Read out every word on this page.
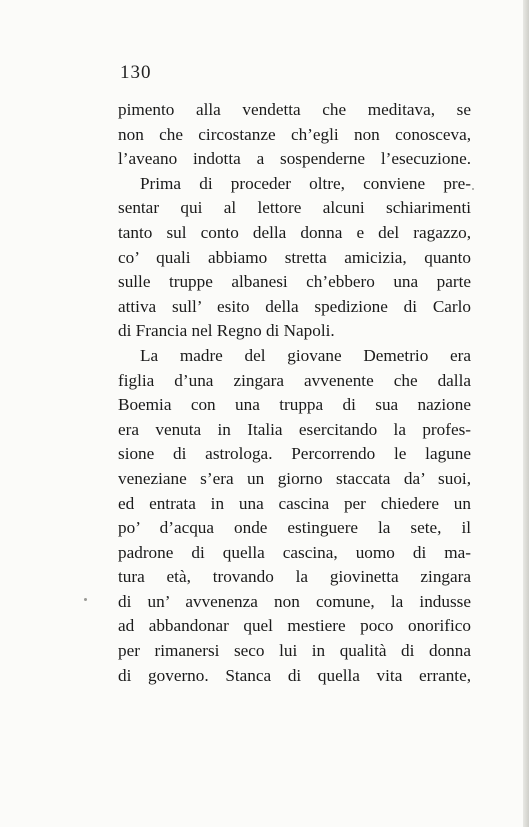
130
pimento alla vendetta che meditava, se
non che circostanze ch’egli non conosceva,
l’aveano indotta a sospenderne l’esecuzione.
Prima di proceder oltre, conviene pre-
sentar qui al lettore alcuni schiarimenti
tanto sul conto della donna e del ragazzo,
co’ quali abbiamo stretta amicizia, quanto
sulle truppe albanesi ch’ebbero una parte
attiva sull’ esito della spedizione di Carlo
di Francia nel Regno di Napoli.
La madre del giovane Demetrio era
figlia d’una zingara avvenente che dalla
Boemia con una truppa di sua nazione
era venuta in Italia esercitando la profes-
sione di astrologa. Percorrendo le lagune
veneziane s’era un giorno staccata da’ suoi,
ed entrata in una cascina per chiedere un
po’ d’acqua onde estinguere la sete, il
padrone di quella cascina, uomo di ma-
tura età, trovando la giovinetta zingara
di un’ avvenenza non comune, la indusse
ad abbandonar quel mestiere poco onorifico
per rimanersi seco lui in qualità di donna
di governo. Stanca di quella vita errante,
